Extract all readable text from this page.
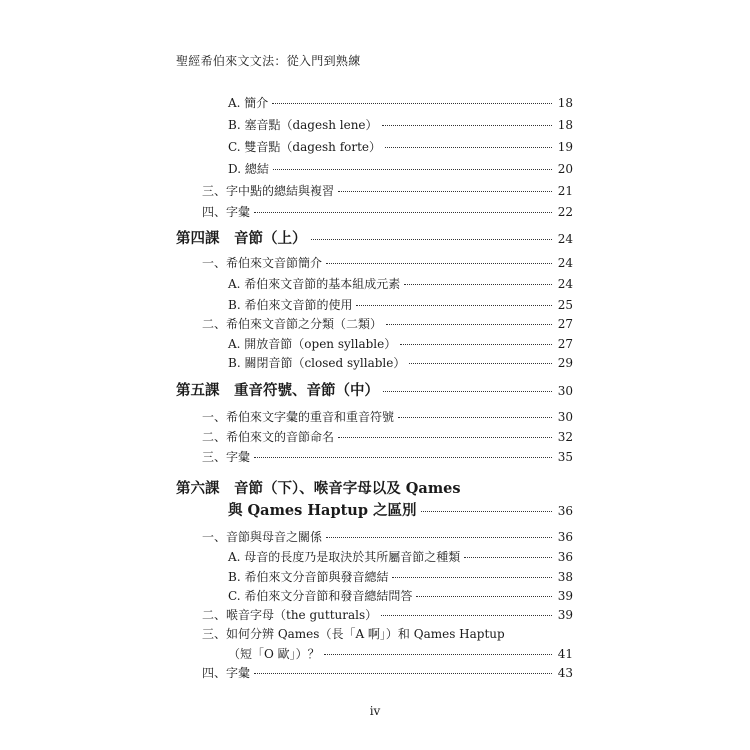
聖經希伯來文文法：從入門到熟練
A. 簡介	18
B. 塞音點（dagesh lene）	18
C. 雙音點（dagesh forte）	19
D. 總結	20
三、字中點的總結與複習	21
四、字彙	22
第四課　音節（上）	24
一、希伯來文音節簡介	24
A. 希伯來文音節的基本組成元素	24
B. 希伯來文音節的使用	25
二、希伯來文音節之分類（二類）	27
A. 開放音節（open syllable）	27
B. 關閉音節（closed syllable）	29
第五課　重音符號、音節（中）	30
一、希伯來文字彙的重音和重音符號	30
二、希伯來文的音節命名	32
三、字彙	35
第六課　音節（下）、喉音字母以及 Qames
與 Qames Haptup 之區別	36
一、音節與母音之關係	36
A. 母音的長度乃是取決於其所屬音節之種類	36
B. 希伯來文分音節與發音總結	38
C. 希伯來文分音節和發音總結問答	39
二、喉音字母（the gutturals）	39
三、如何分辨 Qames（長「A 啊」）和 Qames Haptup
（短「O 歐」）？	41
四、字彙	43
iv
